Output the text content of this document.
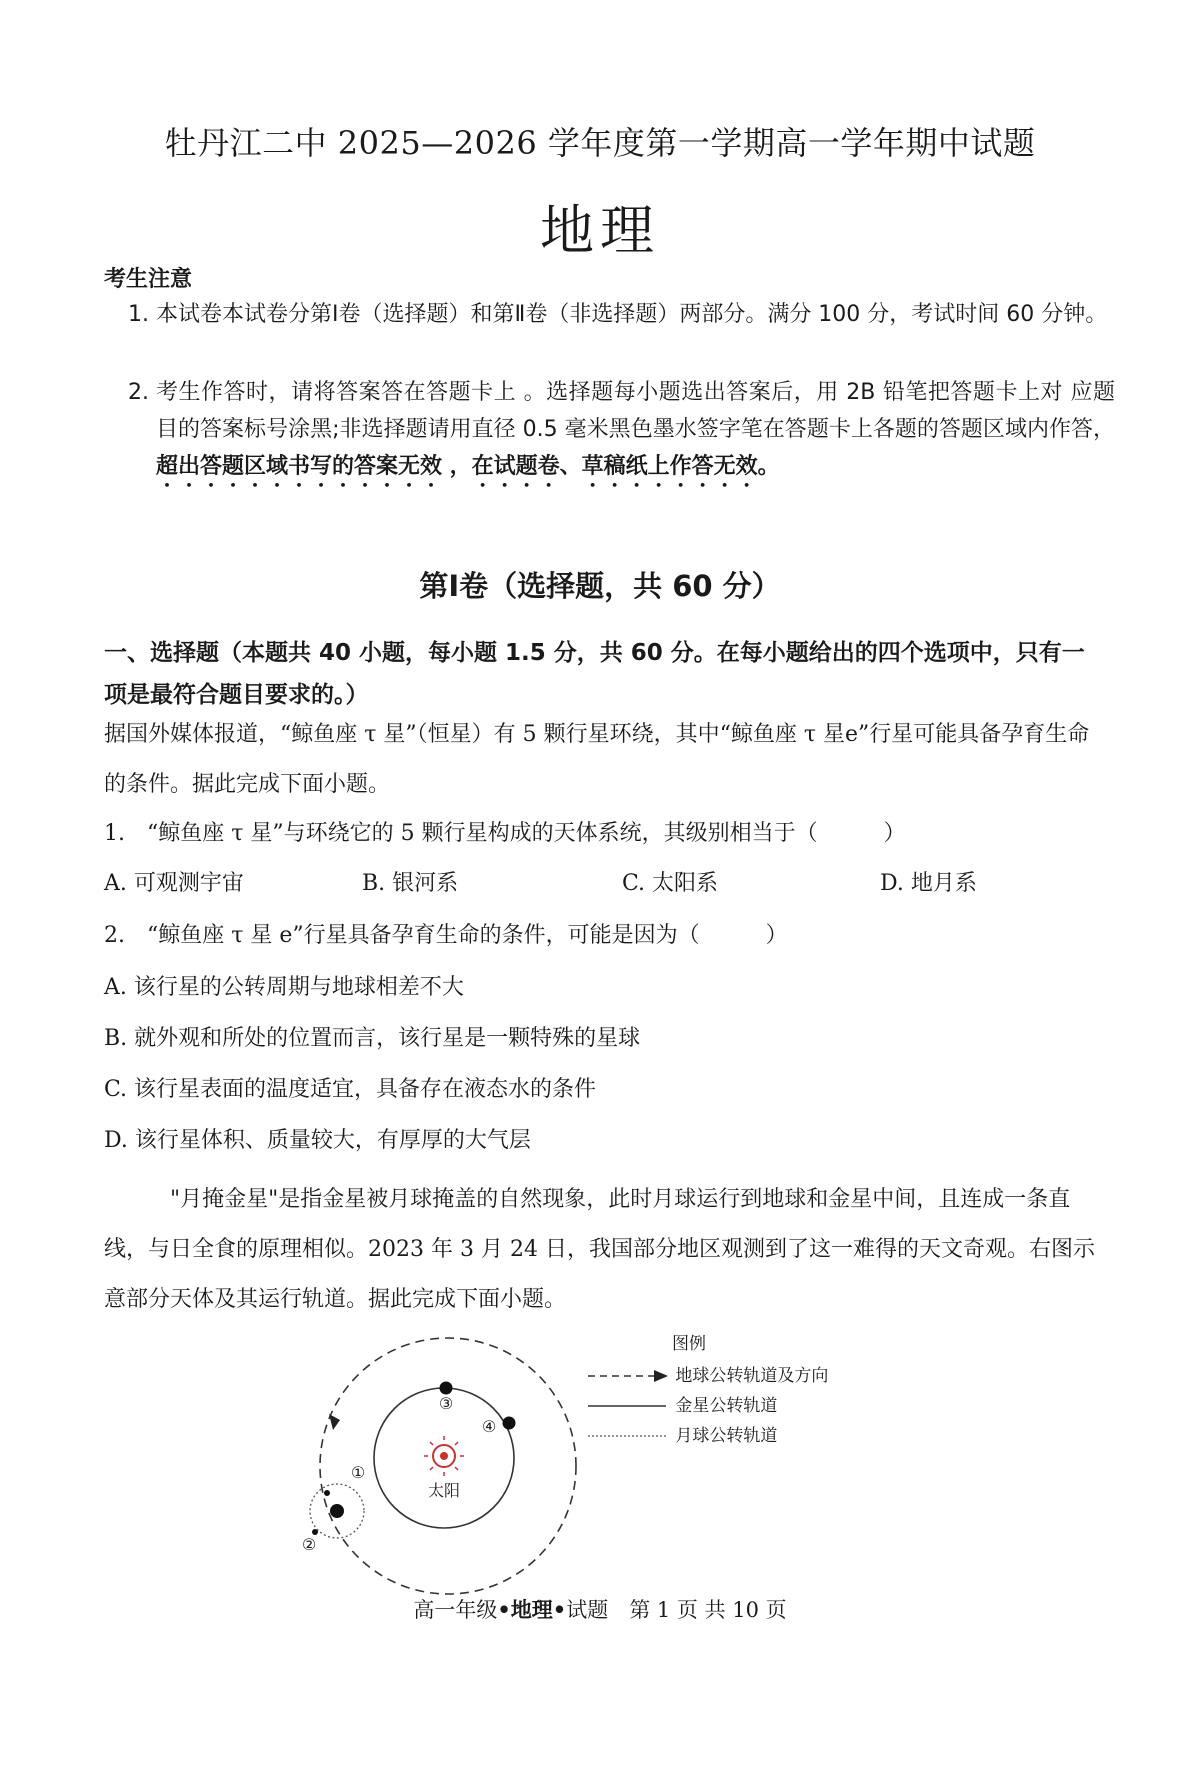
牡丹江二中 2025—2026 学年度第一学期高一学年期中试题
地理
考生注意
1. 本试卷本试卷分第Ⅰ卷（选择题）和第Ⅱ卷（非选择题）两部分。满分 100 分，考试时间 60 分钟。
2. 考生作答时，请将答案答在答题卡上 。选择题每小题选出答案后，用 2B 铅笔把答题卡上对 应题目的答案标号涂黑;非选择题请用直径 0.5 毫米黑色墨水签字笔在答题卡上各题的答题区域内作答，超出答题区域书写的答案无效 ，在试题卷、草稿纸上作答无效。
第Ⅰ卷（选择题，共 60 分）
一、选择题（本题共 40 小题，每小题 1.5 分，共 60 分。在每小题给出的四个选项中，只有一项是最符合题目要求的。）
据国外媒体报道，“鲸鱼座 τ 星”（恒星）有 5 颗行星环绕，其中“鲸鱼座 τ 星e”行星可能具备孕育生命的条件。据此完成下面小题。
1.　“鲸鱼座 τ 星”与环绕它的 5 颗行星构成的天体系统，其级别相当于（　　　）
A. 可观测宇宙	B. 银河系	C. 太阳系	D. 地月系
2.　“鲸鱼座 τ 星 e”行星具备孕育生命的条件，可能是因为（　　　）
A. 该行星的公转周期与地球相差不大
B. 就外观和所处的位置而言，该行星是一颗特殊的星球
C. 该行星表面的温度适宜，具备存在液态水的条件
D. 该行星体积、质量较大，有厚厚的大气层
"月掩金星"是指金星被月球掩盖的自然现象，此时月球运行到地球和金星中间，且连成一条直线，与日全食的原理相似。2023 年 3 月 24 日，我国部分地区观测到了这一难得的天文奇观。右图示意部分天体及其运行轨道。据此完成下面小题。
太阳
①
②
③
④
图例
地球公转轨道及方向
金星公转轨道
月球公转轨道
高一年级•地理•试题　第 1 页 共 10 页
